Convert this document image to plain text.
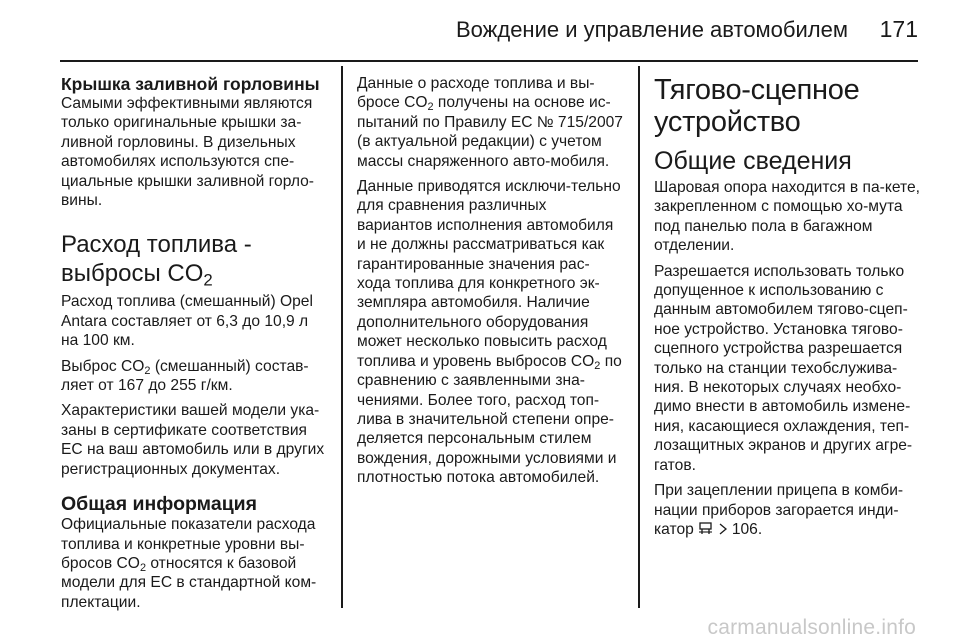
Вождение и управление автомобилем 171
Крышка заливной горловины

Самыми эффективными являются только оригинальные крышки за-ливной горловины. В дизельных автомобилях используются спе-циальные крышки заливной горло-вины.

Расход топлива - выбросы $CO_2$

Расход топлива (смешанный) Opel Antara составляет от 6,3 до 10,9 л на 100 км.

Выброс $CO_2$ (смешанный) состав-ляет от 167 до 255 г/км.

Характеристики вашей модели ука-заны в сертификате соответствия ЕС на ваш автомобиль или в других регистрационных документах.

Общая информация

Официальные показатели расхода топлива и конкретные уровни вы-бросов $CO_2$ относятся к базовой модели для ЕС в стандартной ком-плектации.

Данные о расходе топлива и вы-бросе $CO_2$ получены на основе ис-пытаний по Правилу ЕС № 715/2007 (в актуальной редакции) с учетом массы снаряженного авто-мобиля.

Данные приводятся исключи-тельно для сравнения различных вариантов исполнения автомобиля и не должны рассматриваться как гарантированные значения рас-хода топлива для конкретного эк-земпляра автомобиля. Наличие дополнительного оборудования может несколько повысить расход топлива и уровень выбросов $CO_2$ по сравнению с заявленными зна-чениями. Более того, расход топ-лива в значительной степени опре-деляется персональным стилем вождения, дорожными условиями и плотностью потока автомобилей.

Тягово-сцепное устройство
Общие сведения

Шаровая опора находится в па-кете, закрепленном с помощью хо-мута под панелью пола в багажном отделении.

Разрешается использовать только допущенное к использованию с данным автомобилем тягово-сцеп-ное устройство. Установка тягово-сцепного устройства разрешается только на станции техобслужива-ния. В некоторых случаях необхо-димо внести в автомобиль измене-ния, касающиеся охлаждения, теп-лозащитных экранов и других агре-гатов.

При зацеплении прицепа в комби-нации приборов загорается инди-катор   106.

carmanualsonline.info
